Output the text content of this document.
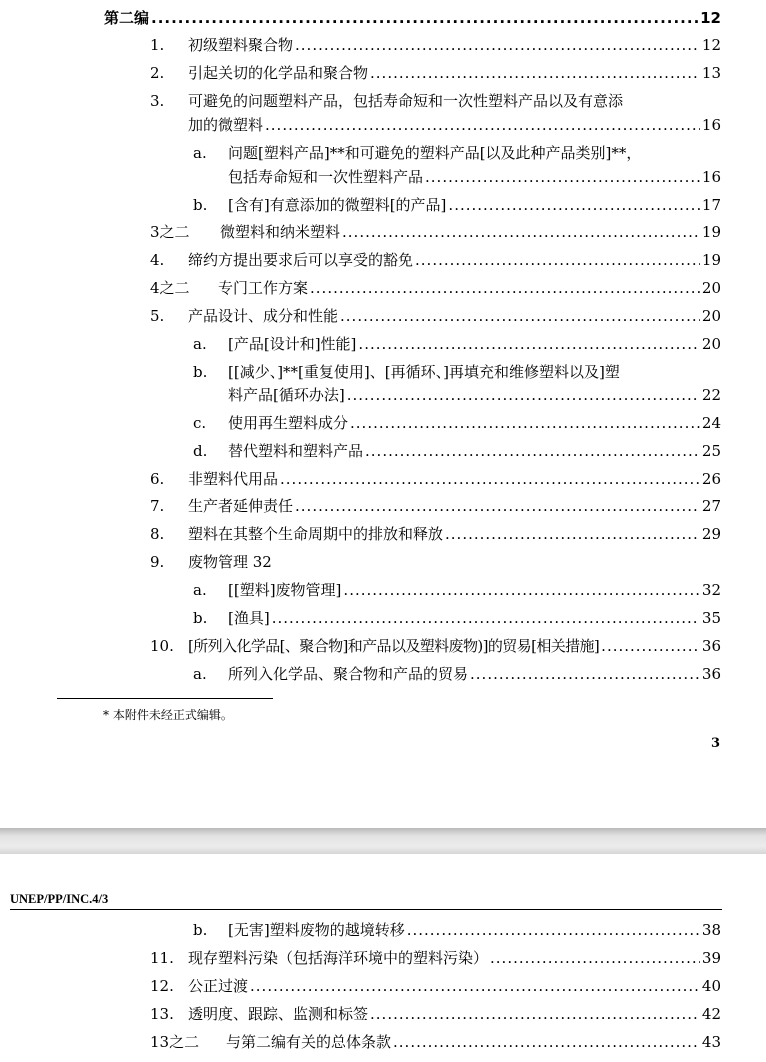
第二编 .....	12
1.	初级塑料聚合物 .....	12
2.	引起关切的化学品和聚合物 .....	13
3. 可避免的问题塑料产品，包括寿命短和一次性塑料产品以及有意添
加的微塑料 .....	16
a. 问题[塑料产品]**和可避免的塑料产品[以及此种产品类别]**，
包括寿命短和一次性塑料产品 .....	16
b.	[含有]有意添加的微塑料[的产品] .....	17
3之二	微塑料和纳米塑料 .....	19
4.	缔约方提出要求后可以享受的豁免 .....	19
4之二	专门工作方案 .....	20
5.	产品设计、成分和性能 .....	20
a.	[产品[设计和]性能] .....	20
b. [[减少、]**[重复使用]、[再循环、]再填充和维修塑料以及]塑
料产品[循环办法] .....	22
c.	使用再生塑料成分 .....	24
d.	替代塑料和塑料产品 .....	25
6.	非塑料代用品 .....	26
7.	生产者延伸责任 .....	27
8.	塑料在其整个生命周期中的排放和释放 .....	29
9. 废物管理 32
a.	[[塑料]废物管理] .....	32
b.	[渔具] .....	35
10. [所列入化学品[、聚合物]和产品以及塑料废物)]的贸易[相关措施] .....	36
a.	所列入化学品、聚合物和产品的贸易 .....	36
* 本附件未经正式编辑。
3
UNEP/PP/INC.4/3
b.	[无害]塑料废物的越境转移 .....	38
11. 现存塑料污染（包括海洋环境中的塑料污染） .....	39
12. 公正过渡 .....	40
13. 透明度、跟踪、监测和标签 .....	42
13之二	与第二编有关的总体条款 .....	43
